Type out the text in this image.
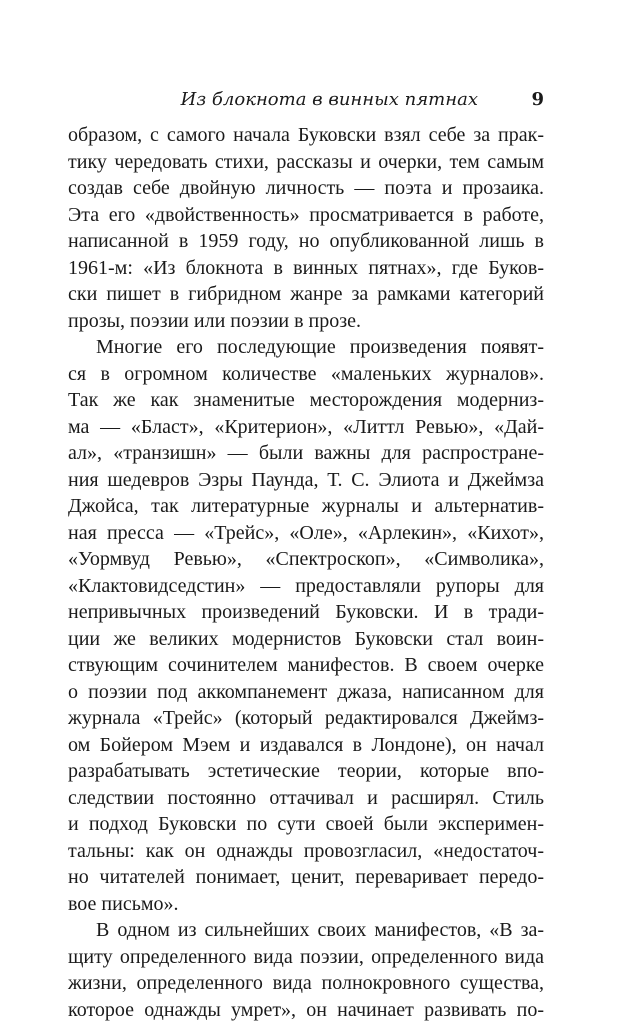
Из блокнота в винных пятнах	9
образом, с самого начала Буковски взял себе за прак-
тику чередовать стихи, рассказы и очерки, тем самым
создав себе двойную личность — поэта и прозаика.
Эта его «двойственность» просматривается в работе,
написанной в 1959 году, но опубликованной лишь в
1961-м: «Из блокнота в винных пятнах», где Буков-
ски пишет в гибридном жанре за рамками категорий
прозы, поэзии или поэзии в прозе.
Многие его последующие произведения появят-
ся в огромном количестве «маленьких журналов».
Так же как знаменитые месторождения модерниз-
ма — «Бласт», «Критерион», «Литтл Ревью», «Дай-
ал», «транзишн» — были важны для распростране-
ния шедевров Эзры Паунда, Т. С. Элиота и Джеймза
Джойса, так литературные журналы и альтернатив-
ная пресса — «Трейс», «Оле», «Арлекин», «Кихот»,
«Уормвуд Ревью», «Спектроскоп», «Символика»,
«Клактовидседстин» — предоставляли рупоры для
непривычных произведений Буковски. И в тради-
ции же великих модернистов Буковски стал воин-
ствующим сочинителем манифестов. В своем очерке
о поэзии под аккомпанемент джаза, написанном для
журнала «Трейс» (который редактировался Джеймз-
ом Бойером Мэем и издавался в Лондоне), он начал
разрабатывать эстетические теории, которые впо-
следствии постоянно оттачивал и расширял. Стиль
и подход Буковски по сути своей были эксперимен-
тальны: как он однажды провозгласил, «недостаточ-
но читателей понимает, ценит, переваривает передо-
вое письмо».
В одном из сильнейших своих манифестов, «В за-
щиту определенного вида поэзии, определенного вида
жизни, определенного вида полнокровного существа,
которое однажды умрет», он начинает развивать по-
